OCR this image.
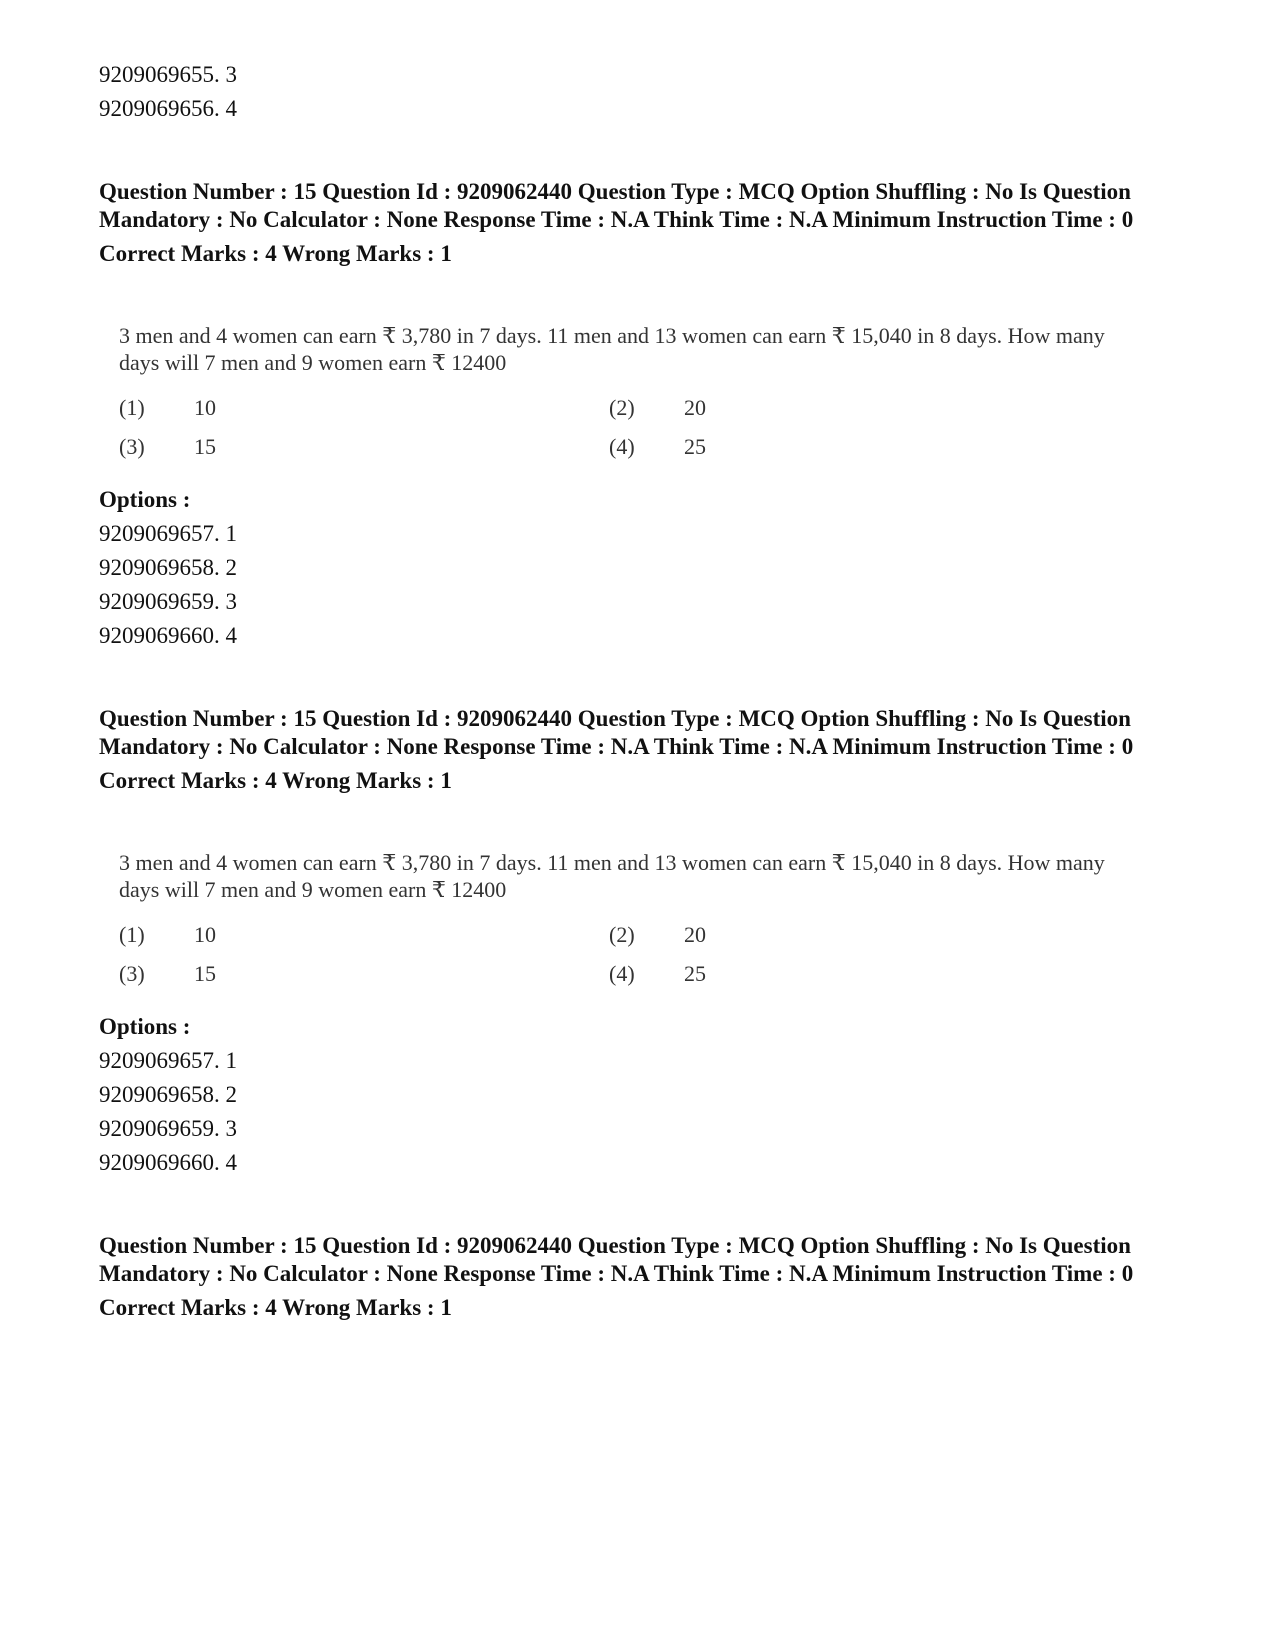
9209069655. 3
9209069656. 4
Question Number : 15 Question Id : 9209062440 Question Type : MCQ Option Shuffling : No Is Question Mandatory : No Calculator : None Response Time : N.A Think Time : N.A Minimum Instruction Time : 0
Correct Marks : 4 Wrong Marks : 1
3 men and 4 women can earn ₹ 3,780 in 7 days. 11 men and 13 women can earn ₹ 15,040 in 8 days. How many days will 7 men and 9 women earn ₹ 12400
(1)	10	(2)	20
(3)	15	(4)	25
Options :
9209069657. 1
9209069658. 2
9209069659. 3
9209069660. 4
Question Number : 15 Question Id : 9209062440 Question Type : MCQ Option Shuffling : No Is Question Mandatory : No Calculator : None Response Time : N.A Think Time : N.A Minimum Instruction Time : 0
Correct Marks : 4 Wrong Marks : 1
3 men and 4 women can earn ₹ 3,780 in 7 days. 11 men and 13 women can earn ₹ 15,040 in 8 days. How many days will 7 men and 9 women earn ₹ 12400
(1)	10	(2)	20
(3)	15	(4)	25
Options :
9209069657. 1
9209069658. 2
9209069659. 3
9209069660. 4
Question Number : 15 Question Id : 9209062440 Question Type : MCQ Option Shuffling : No Is Question Mandatory : No Calculator : None Response Time : N.A Think Time : N.A Minimum Instruction Time : 0
Correct Marks : 4 Wrong Marks : 1
